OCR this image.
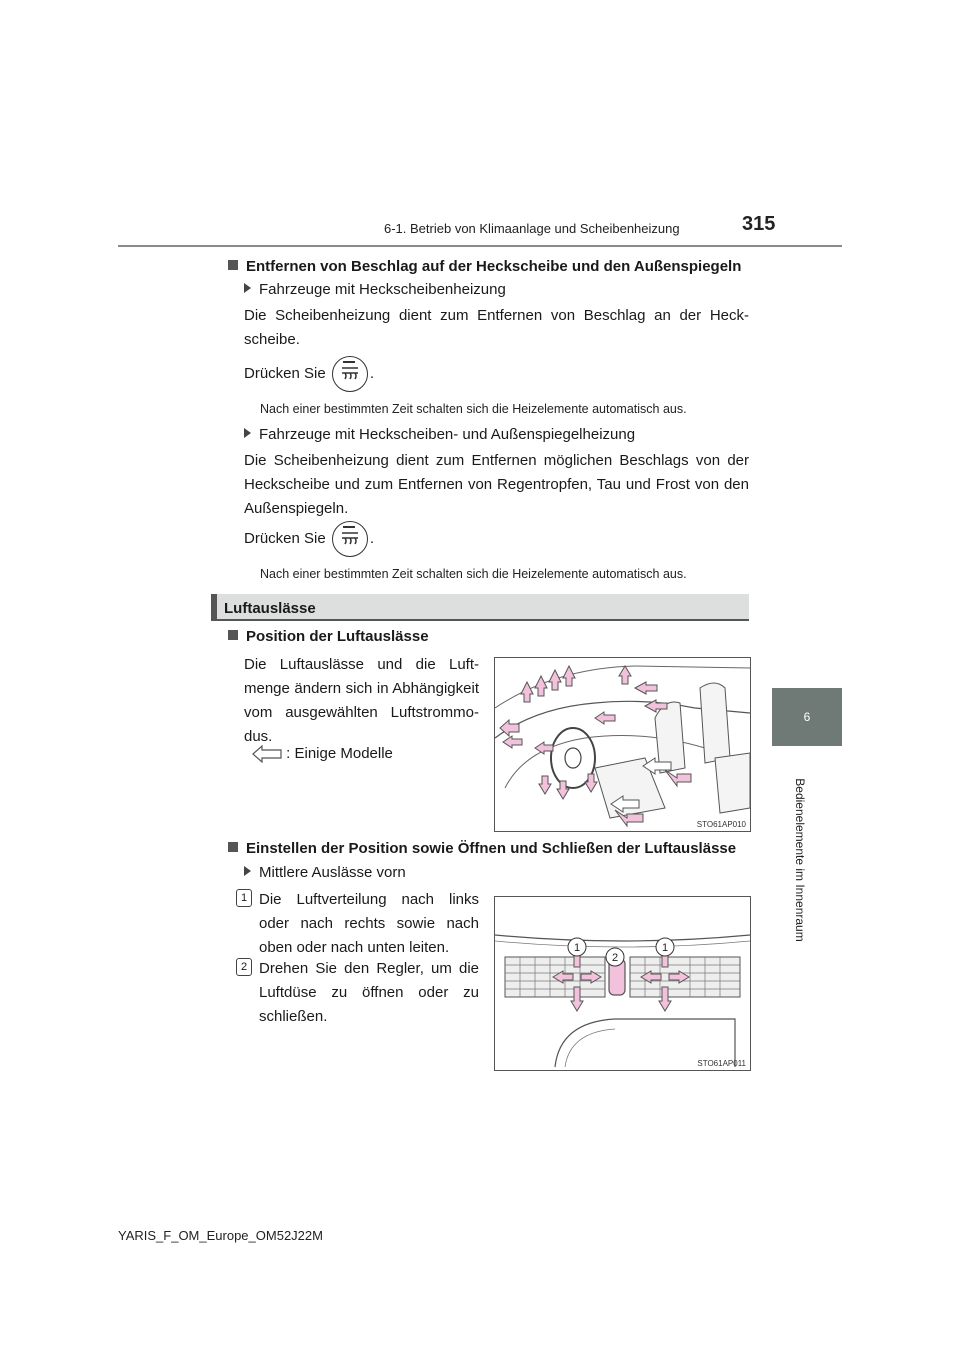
6-1. Betrieb von Klimaanlage und Scheibenheizung	315
6
Bedienelemente im Innenraum
Entfernen von Beschlag auf der Heckscheibe und den Außenspiegeln
Fahrzeuge mit Heckscheibenheizung
Die Scheibenheizung dient zum Entfernen von Beschlag an der Heck-scheibe.
Drücken Sie	.
Nach einer bestimmten Zeit schalten sich die Heizelemente automatisch aus.
Fahrzeuge mit Heckscheiben- und Außenspiegelheizung
Die Scheibenheizung dient zum Entfernen möglichen Beschlags von der Heckscheibe und zum Entfernen von Regentropfen, Tau und Frost von den Außenspiegeln.
Drücken Sie	.
Nach einer bestimmten Zeit schalten sich die Heizelemente automatisch aus.
Luftauslässe
Position der Luftauslässe
Die Luftauslässe und die Luft-menge ändern sich in Abhängigkeit vom ausgewählten Luftstrommo-dus.
: Einige Modelle
STO61AP010
Einstellen der Position sowie Öffnen und Schließen der Luftauslässe
Mittlere Auslässe vorn
1 Die Luftverteilung nach links oder nach rechts sowie nach oben oder nach unten leiten.
2 Drehen Sie den Regler, um die Luftdüse zu öffnen oder zu schließen.
1
2
1
STO61AP011
YARIS_F_OM_Europe_OM52J22M
